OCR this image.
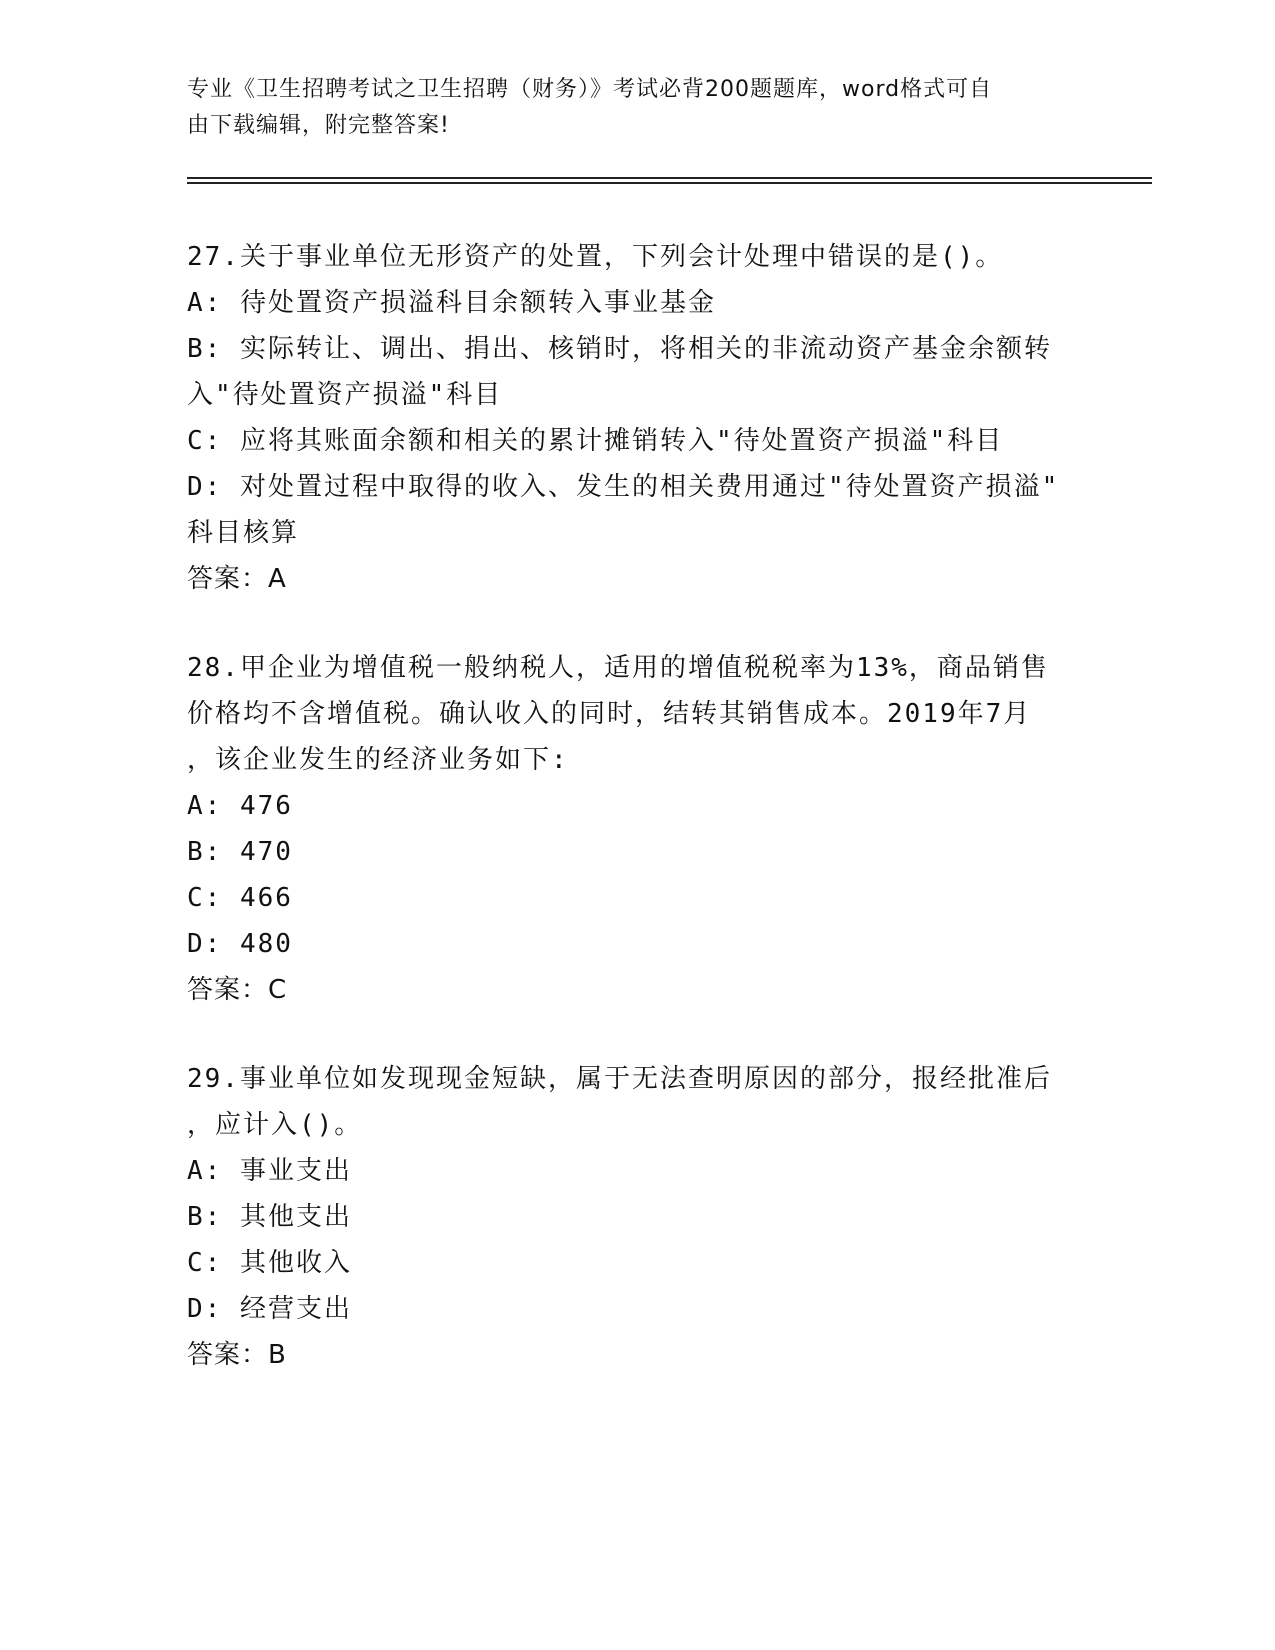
专业《卫生招聘考试之卫生招聘（财务）》考试必背200题题库，word格式可自
由下载编辑，附完整答案!
27.关于事业单位无形资产的处置，下列会计处理中错误的是()。
A: 待处置资产损溢科目余额转入事业基金
B: 实际转让、调出、捐出、核销时，将相关的非流动资产基金余额转
入"待处置资产损溢"科目
C: 应将其账面余额和相关的累计摊销转入"待处置资产损溢"科目
D: 对处置过程中取得的收入、发生的相关费用通过"待处置资产损溢"
科目核算
答案：A
28.甲企业为增值税一般纳税人，适用的增值税税率为13%，商品销售
价格均不含增值税。确认收入的同时，结转其销售成本。2019年7月
，该企业发生的经济业务如下:
A: 476
B: 470
C: 466
D: 480
答案：C
29.事业单位如发现现金短缺，属于无法查明原因的部分，报经批准后
，应计入()。
A: 事业支出
B: 其他支出
C: 其他收入
D: 经营支出
答案：B
